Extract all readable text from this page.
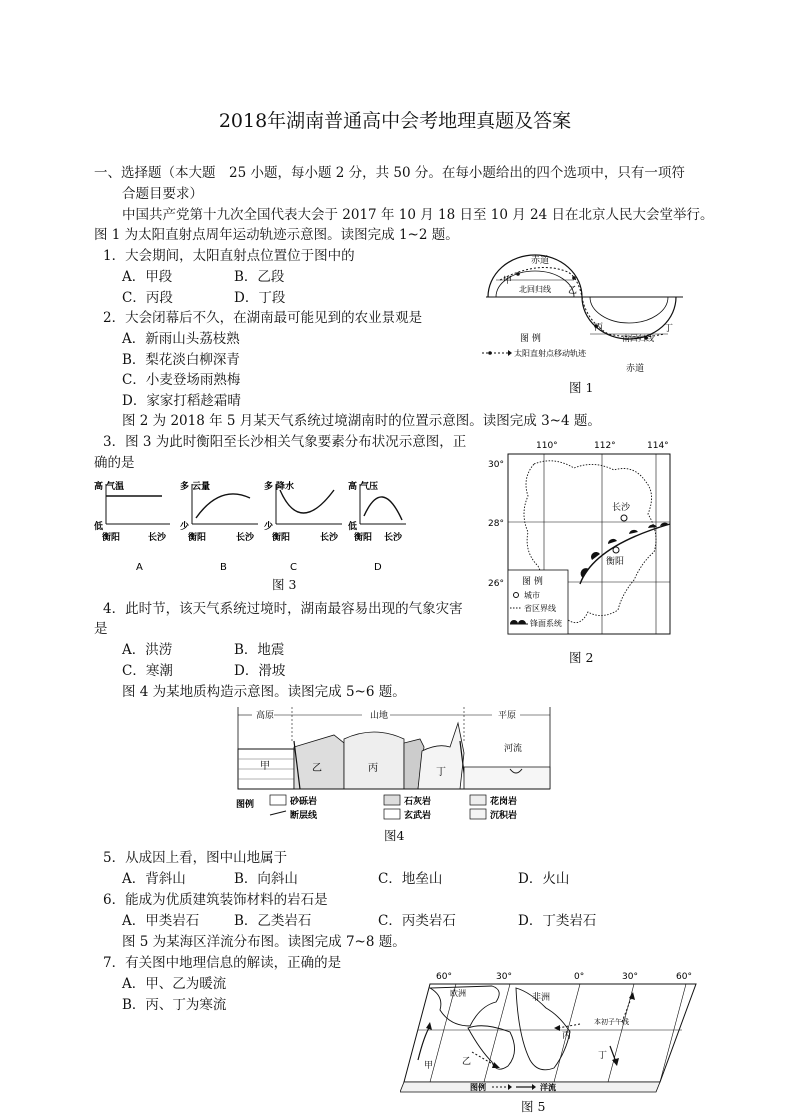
2018年湖南普通高中会考地理真题及答案
一、选择题（本大题　25 小题，每小题 2 分，共 50 分。在每小题给出的四个选项中，只有一项符
合题目要求）
中国共产党第十九次全国代表大会于 2017 年 10 月 18 日至 10 月 24 日在北京人民大会堂举行。
图 1 为太阳直射点周年运动轨迹示意图。读图完成 1~2 题。
1．大会期间，太阳直射点位置位于图中的
A．甲段	B．乙段
C．丙段	D．丁段
2．大会闭幕后不久，在湖南最可能见到的农业景观是
A．新雨山头荔枝熟
B．梨花淡白柳深青
C．小麦登场雨熟梅
D．家家打稻趁霜晴
赤道
甲
北回归线 乙
丙
南回归线
丁
赤道
图 例
太阳直射点移动轨迹
图 1
图 2 为 2018 年 5 月某天气系统过境湖南时的位置示意图。读图完成 3~4 题。
3．图 3 为此时衡阳至长沙相关气象要素分布状况示意图，正
确的是
高 气温
低
衡阳	长沙
多 云量
少
衡阳	长沙
多 降水
少
衡阳	长沙
高 气压
低
衡阳 长沙
A	B	C	D
图 3
110°	112°	114°
30°
28°
26°
长沙
衡阳
图 例
城市
省区界线
锋面系统
图 2
4．此时节，该天气系统过境时，湖南最容易出现的气象灾害
是
A．洪涝	B．地震
C．寒潮	D．滑坡
图 4 为某地质构造示意图。读图完成 5~6 题。
高原	山地	平原
甲	乙	丙	丁
河流
图例	砂砾岩
断层线
石灰岩
玄武岩
花岗岩
沉积岩
图4
5．从成因上看，图中山地属于
A．背斜山	B．向斜山	C．地垒山	D．火山
6．能成为优质建筑装饰材料的岩石是
A．甲类岩石	B．乙类岩石	C．丙类岩石	D．丁类岩石
图 5 为某海区洋流分布图。读图完成 7~8 题。
7．有关图中地理信息的解读，正确的是
A．甲、乙为暖流
B．丙、丁为寒流
60°	30°	0°	30°	60°
欧洲	非洲
甲	乙
丙
本初子午线
丁
图例	洋流
图 5
